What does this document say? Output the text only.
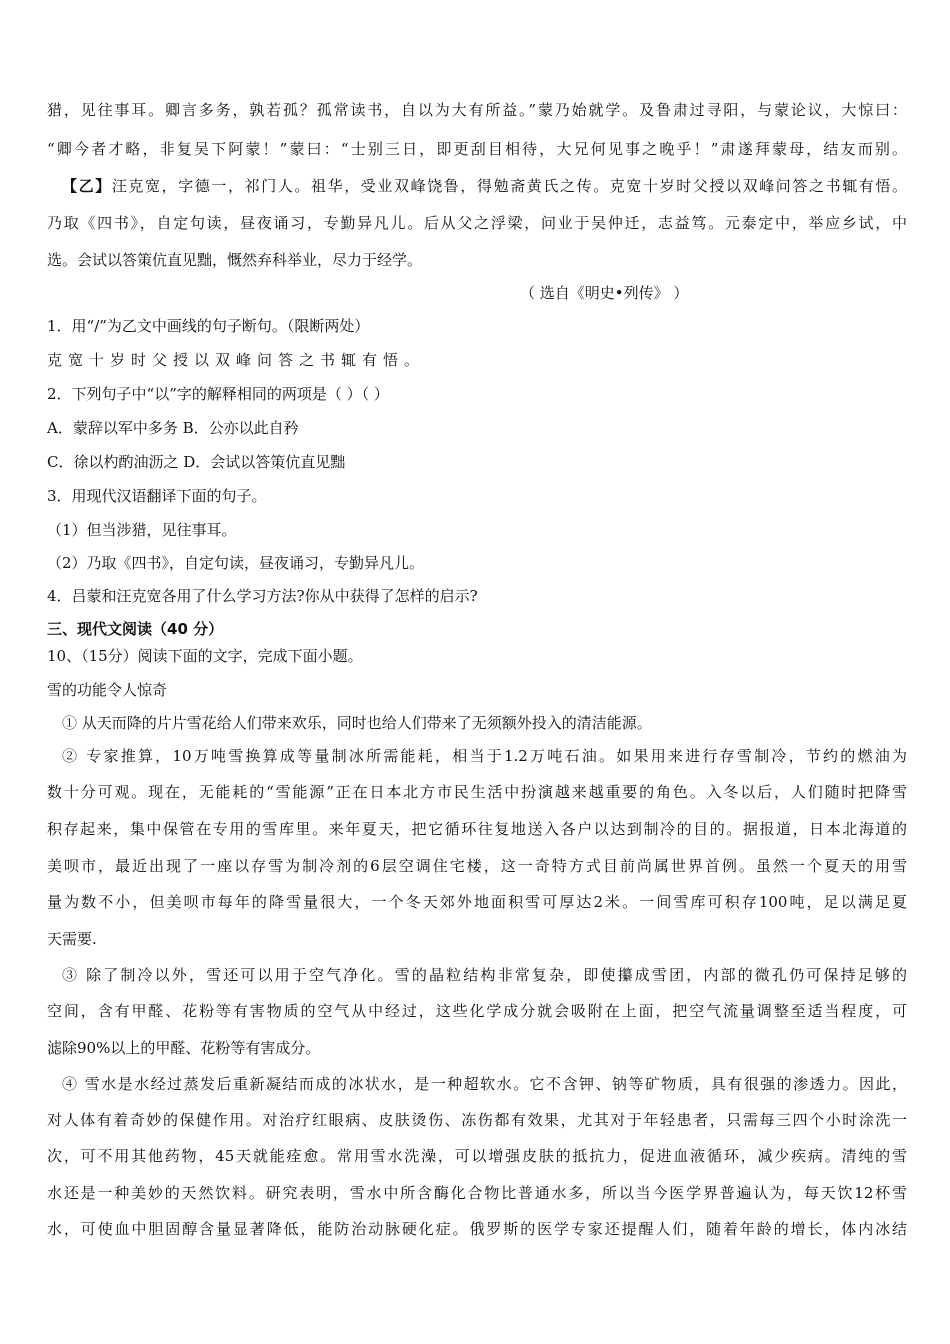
猎，见往事耳。卿言多务，孰若孤？孤常读书，自以为大有所益。”蒙乃始就学。及鲁肃过寻阳，与蒙论议，大惊曰：
“卿今者才略，非复吴下阿蒙！”蒙曰：“士别三日，即更刮目相待，大兄何见事之晚乎！”肃遂拜蒙母，结友而别。
【乙】汪克宽，字德一，祁门人。祖华，受业双峰饶鲁，得勉斋黄氏之传。克宽十岁时父授以双峰问答之书辄有悟。
乃取《四书》，自定句读，昼夜诵习，专勤异凡儿。后从父之浮梁，问业于吴仲迁，志益笃。元泰定中，举应乡试，中
选。会试以答策伉直见黜，慨然弃科举业，尽力于经学。
（ 选自《明史•列传》 ）
1．用“/”为乙文中画线的句子断句。（限断两处）
克宽十岁时父授以双峰问答之书辄有悟。
2．下列句子中“以”字的解释相同的两项是（ ）（ ）
A．蒙辞以军中多务 B．公亦以此自矜
C．徐以杓酌油沥之 D．会试以答策伉直见黜
3．用现代汉语翻译下面的句子。
（1）但当涉猎，见往事耳。
（2）乃取《四书》，自定句读，昼夜诵习，专勤异凡儿。
4．吕蒙和汪克宽各用了什么学习方法?你从中获得了怎样的启示?
三、现代文阅读（40 分）
10、（15分）阅读下面的文字，完成下面小题。
雪的功能令人惊奇
① 从天而降的片片雪花给人们带来欢乐，同时也给人们带来了无须额外投入的清洁能源。
② 专家推算，10万吨雪换算成等量制冰所需能耗，相当于1.2万吨石油。如果用来进行存雪制冷，节约的燃油为
数十分可观。现在，无能耗的“雪能源”正在日本北方市民生活中扮演越来越重要的角色。入冬以后，人们随时把降雪
积存起来，集中保管在专用的雪库里。来年夏天，把它循环往复地送入各户以达到制冷的目的。据报道，日本北海道的
美呗市，最近出现了一座以存雪为制冷剂的6层空调住宅楼，这一奇特方式目前尚属世界首例。虽然一个夏天的用雪
量为数不小，但美呗市每年的降雪量很大，一个冬天郊外地面积雪可厚达2米。一间雪库可积存100吨，足以满足夏
天需要.
③ 除了制冷以外，雪还可以用于空气净化。雪的晶粒结构非常复杂，即使攥成雪团，内部的微孔仍可保持足够的
空间，含有甲醛、花粉等有害物质的空气从中经过，这些化学成分就会吸附在上面，把空气流量调整至适当程度，可
滤除90%以上的甲醛、花粉等有害成分。
④ 雪水是水经过蒸发后重新凝结而成的冰状水，是一种超软水。它不含钾、钠等矿物质，具有很强的渗透力。因此，
对人体有着奇妙的保健作用。对治疗红眼病、皮肤烫伤、冻伤都有效果，尤其对于年轻患者，只需每三四个小时涂洗一
次，可不用其他药物，45天就能痊愈。常用雪水洗澡，可以增强皮肤的抵抗力，促进血液循环，减少疾病。清纯的雪
水还是一种美妙的天然饮料。研究表明，雪水中所含酶化合物比普通水多，所以当今医学界普遍认为，每天饮12杯雪
水，可使血中胆固醇含量显著降低，能防治动脉硬化症。俄罗斯的医学专家还提醒人们，随着年龄的增长，体内冰结
